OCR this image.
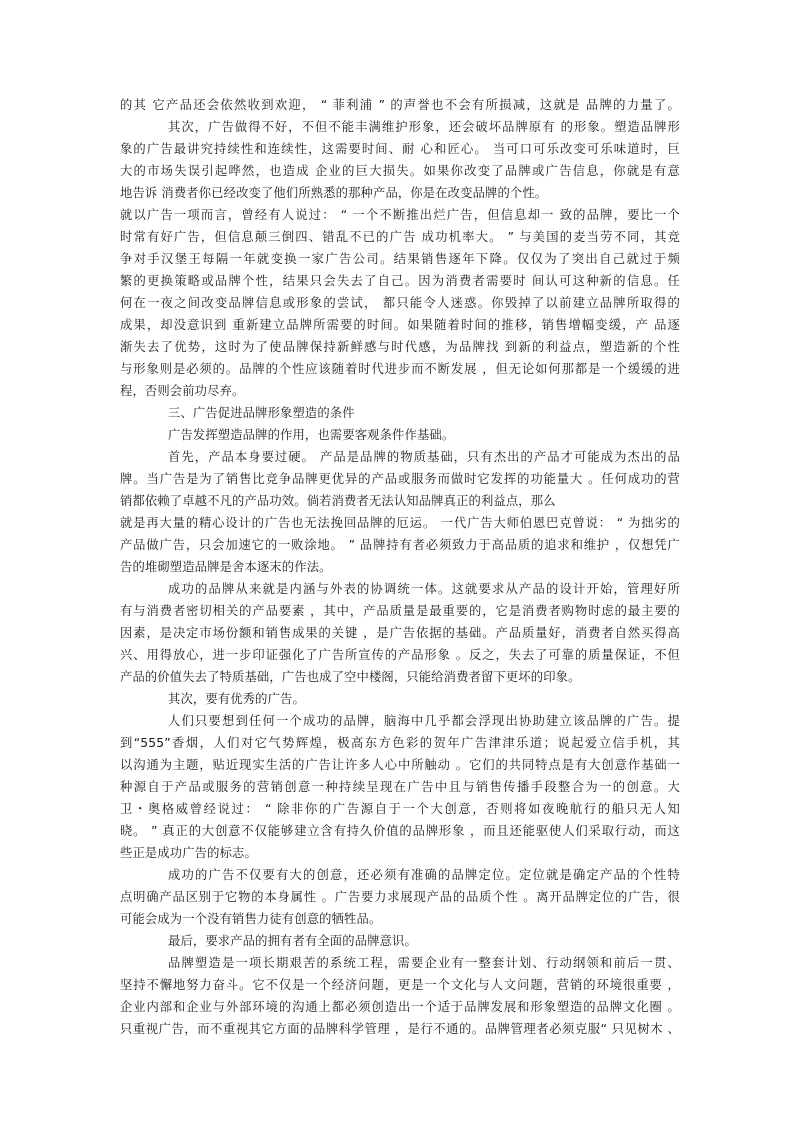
的其 它产品还会依然收到欢迎， “ 菲利浦 ” 的声誉也不会有所损减，这就是 品牌的力量了。
其次，广告做得不好，不但不能丰满维护形象，还会破坏品牌原有 的形象。塑造品牌形
象的广告最讲究持续性和连续性，这需要时间、耐 心和匠心。 当可口可乐改变可乐味道时，巨
大的市场失误引起哗然，也造成 企业的巨大损失。如果你改变了品牌或广告信息，你就是有意
地告诉 消费者你已经改变了他们所熟悉的那种产品，你是在改变品牌的个性。
就以广告一项而言，曾经有人说过： “ 一个不断推出烂广告，但信息却一 致的品牌，要比一个
时常有好广告，但信息颠三倒四、错乱不已的广告 成功机率大。 ” 与美国的麦当劳不同，其竞
争对手汉堡王每隔一年就变换一家广告公司。结果销售逐年下降。仅仅为了突出自己就过于频
繁的更换策略或品牌个性，结果只会失去了自己。因为消费者需要时 间认可这种新的信息。任
何在一夜之间改变品牌信息或形象的尝试， 都只能令人迷惑。你毁掉了以前建立品牌所取得的
成果，却没意识到 重新建立品牌所需要的时间。如果随着时间的推移，销售增幅变缓，产 品逐
渐失去了优势，这时为了使品牌保持新鲜感与时代感，为品牌找 到新的利益点，塑造新的个性
与形象则是必须的。品牌的个性应该随着时代进步而不断发展 ，但无论如何那都是一个缓缓的进
程，否则会前功尽弃。
三、广告促进品牌形象塑造的条件
广告发挥塑造品牌的作用，也需要客观条件作基础。
首先，产品本身要过硬。 产品是品牌的物质基础，只有杰出的产品才可能成为杰出的品
牌。当广告是为了销售比竞争品牌更优异的产品或服务而做时它发挥的功能量大 。任何成功的营
销都依赖了卓越不凡的产品功效。倘若消费者无法认知品牌真正的利益点，那么
就是再大量的精心设计的广告也无法挽回品牌的厄运。 一代广告大师伯恩巴克曾说： “ 为拙劣的
产品做广告，只会加速它的一败涂地。 ” 品牌持有者必须致力于高品质的追求和维护 ，仅想凭广
告的堆砌塑造品牌是舍本逐末的作法。
成功的品牌从来就是内涵与外表的协调统一体。这就要求从产品的设计开始，管理好所
有与消费者密切相关的产品要素 ，其中，产品质量是最重要的，它是消费者购物时虑的最主要的
因素，是决定市场份额和销售成果的关键 ，是广告依据的基础。产品质量好，消费者自然买得高
兴、用得放心，进一步印证强化了广告所宣传的产品形象 。反之，失去了可靠的质量保证，不但
产品的价值失去了特质基础，广告也成了空中楼阁，只能给消费者留下更坏的印象。
其次，要有优秀的广告。
人们只要想到任何一个成功的品牌，脑海中几乎都会浮现出协助建立该品牌的广告。提
到“555”香烟，人们对它气势辉煌，极高东方色彩的贺年广告津津乐道；说起爱立信手机，其
以沟通为主题，贴近现实生活的广告让许多人心中所触动 。它们的共同特点是有大创意作基础一
种源自于产品或服务的营销创意一种持续呈现在广告中且与销售传播手段整合为一的创意。大
卫・奥格威曾经说过： “ 除非你的广告源自于一个大创意，否则将如夜晚航行的船只无人知
晓。 ” 真正的大创意不仅能够建立含有持久价值的品牌形象 ，而且还能驱使人们采取行动，而这
些正是成功广告的标志。
成功的广告不仅要有大的创意，还必须有准确的品牌定位。定位就是确定产品的个性特
点明确产品区别于它物的本身属性 。广告要力求展现产品的品质个性 。离开品牌定位的广告，很
可能会成为一个没有销售力徒有创意的牺牲品。
最后，要求产品的拥有者有全面的品牌意识。
品牌塑造是一项长期艰苦的系统工程，需要企业有一整套计划、行动纲领和前后一贯、
坚持不懈地努力奋斗。它不仅是一个经济问题，更是一个文化与人文问题，营销的环境很重要 ，
企业内部和企业与外部环境的沟通上都必须创造出一个适于品牌发展和形象塑造的品牌文化圈 。
只重视广告，而不重视其它方面的品牌科学管理 ，是行不通的。品牌管理者必须克服“ 只见树木 、
